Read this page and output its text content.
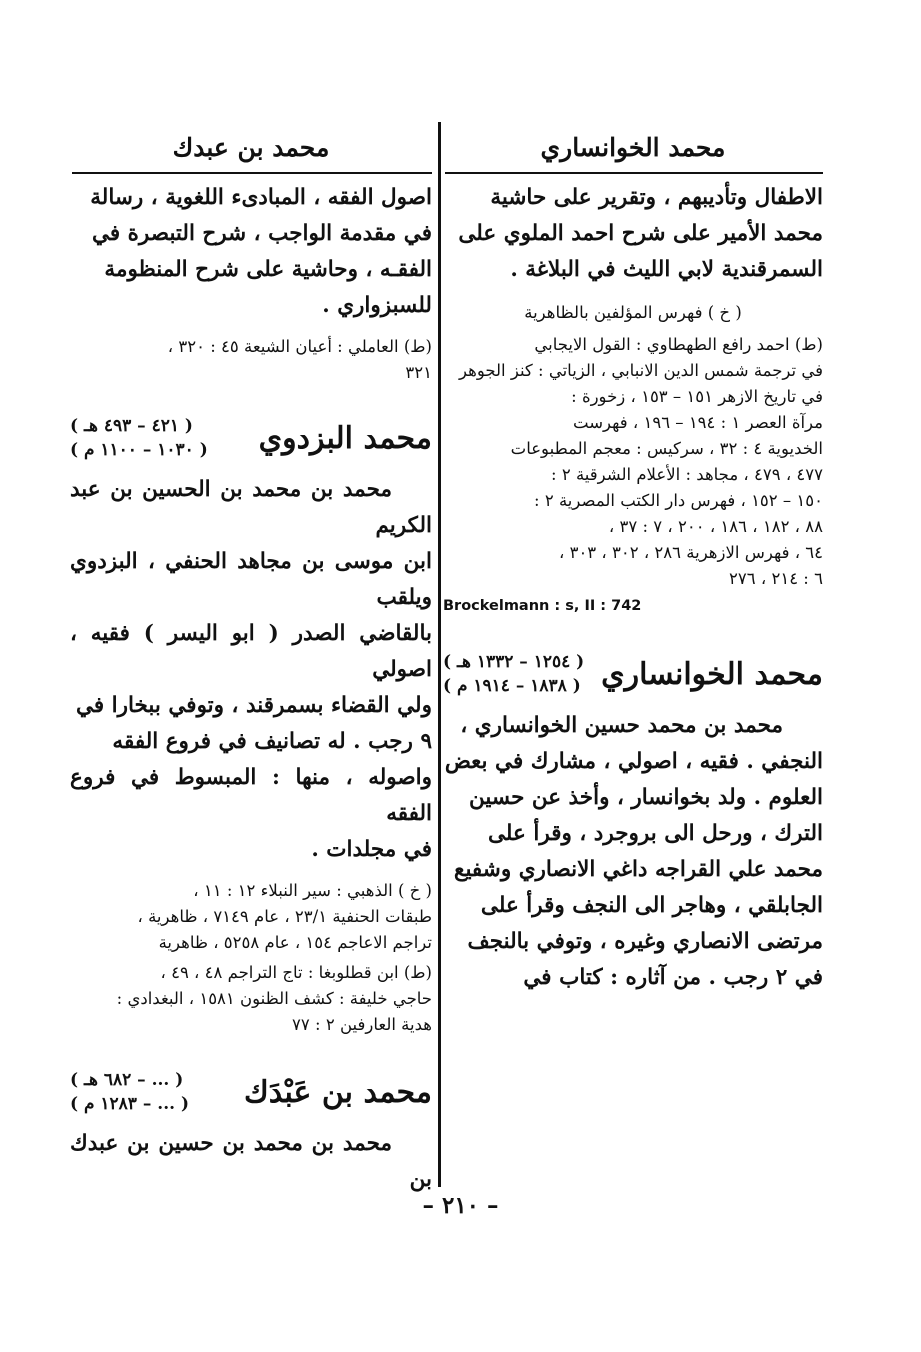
محمد الخوانساري

الاطفال وتأديبهم ، وتقرير على حاشية

محمد الأمير على شرح احمد الملوي على

السمرقندية لابي الليث في البلاغة .

( خ ) فهرس المؤلفين بالظاهرية

(ط) احمد رافع الطهطاوي : القول الايجابي

في ترجمة شمس الدين الانبابي ، الزياتي : كنز الجوهر

في تاريخ الازهر ١٥١ – ١٥٣ ، زخورة :

مرآة العصر ١ : ١٩٤ – ١٩٦ ، فهرست

الخديوية ٤ : ٣٢ ، سركيس : معجم المطبوعات

٤٧٧ ، ٤٧٩ ، مجاهد : الأعلام الشرقية ٢ :

١٥٠ – ١٥٢ ، فهرس دار الكتب المصرية ٢ :

٨٨ ، ١٨٢ ، ١٨٦ ، ٢٠٠ ، ٧ : ٣٧ ،

٦٤ ، فهرس الازهرية ٢٨٦ ، ٣٠٢ ، ٣٠٣ ،

٦ : ٢١٤ ، ٢٧٦

Brockelmann : s, II : 742

محمد الخوانساري
( ١٢٥٤ – ١٣٣٢ هـ )
( ١٨٣٨ – ١٩١٤ م )

محمد بن محمد حسين الخوانساري ،

النجفي . فقيه ، اصولي ، مشارك في بعض

العلوم . ولد بخوانسار ، وأخذ عن حسين

الترك ، ورحل الى بروجرد ، وقرأ على

محمد علي القراجه داغي الانصاري وشفيع

الجابلقي ، وهاجر الى النجف وقرأ على

مرتضى الانصاري وغيره ، وتوفي بالنجف

في ٢ رجب . من آثاره : كتاب في

محمد بن عبدك

اصول الفقه ، المبادىء اللغوية ، رسالة

في مقدمة الواجب ، شرح التبصرة في

الفقـه ، وحاشية على شرح المنظومة

للسبزواري .

(ط) العاملي : أعيان الشيعة ٤٥ : ٣٢٠ ،

٣٢١

محمد البزدوي
( ٤٢١ – ٤٩٣ هـ )
( ١٠٣٠ – ١١٠٠ م )

محمد بن محمد بن الحسين بن عبد الكريم

ابن موسى بن مجاهد الحنفي ، البزدوي ويلقب

بالقاضي الصدر ( ابو اليسر ) فقيه ، اصولي

ولي القضاء بسمرقند ، وتوفي ببخارا في

٩ رجب . له تصانيف في فروع الفقه

واصوله ، منها : المبسوط في فروع الفقه

في مجلدات .

( خ ) الذهبي : سير النبلاء ١٢ : ١١ ،

طبقات الحنفية ٢٣/١ ، عام ٧١٤٩ ، ظاهرية ،

تراجم الاعاجم ١٥٤ ، عام ٥٢٥٨ ، ظاهرية

(ط) ابن قطلوبغا : تاج التراجم ٤٨ ، ٤٩ ،

حاجي خليفة : كشف الظنون ١٥٨١ ، البغدادي :

هدية العارفين ٢ : ٧٧

محمد بن عَبْدَك
( ... – ٦٨٢ هـ )
( ... – ١٢٨٣ م )

محمد بن محمد بن حسين بن عبدك بن

– ٢١٠ –
